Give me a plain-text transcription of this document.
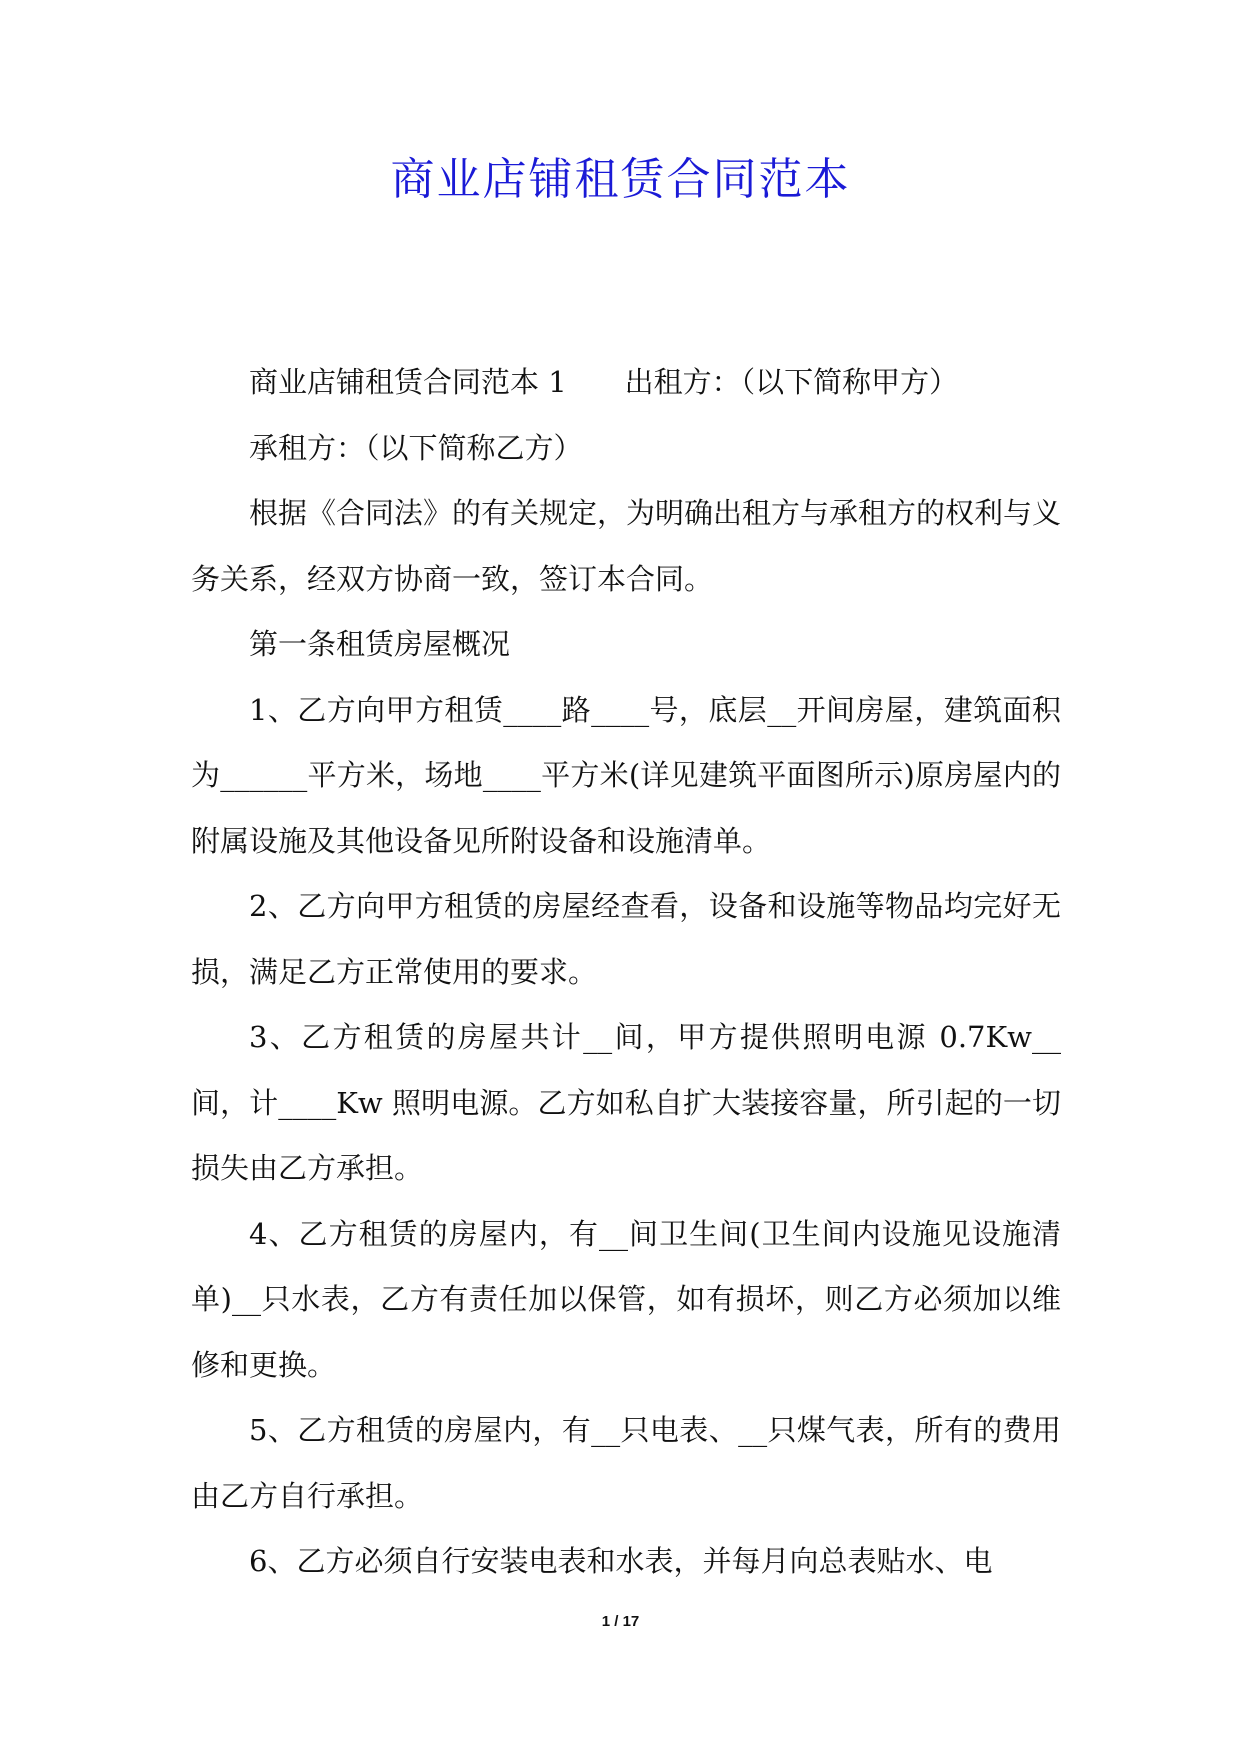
商业店铺租赁合同范本

商业店铺租赁合同范本 1　　出租方：（以下简称甲方）

承租方：（以下简称乙方）

根据《合同法》的有关规定，为明确出租方与承租方的权利与义务关系，经双方协商一致，签订本合同。

第一条租赁房屋概况

1、乙方向甲方租赁____路____号，底层__开间房屋，建筑面积为______平方米，场地____平方米(详见建筑平面图所示)原房屋内的附属设施及其他设备见所附设备和设施清单。

2、乙方向甲方租赁的房屋经查看，设备和设施等物品均完好无损，满足乙方正常使用的要求。

3、乙方租赁的房屋共计__间，甲方提供照明电源 0.7Kw__间，计____Kw 照明电源。乙方如私自扩大装接容量，所引起的一切损失由乙方承担。

4、乙方租赁的房屋内，有__间卫生间(卫生间内设施见设施清单)__只水表，乙方有责任加以保管，如有损坏，则乙方必须加以维修和更换。

5、乙方租赁的房屋内，有__只电表、__只煤气表，所有的费用由乙方自行承担。

6、乙方必须自行安装电表和水表，并每月向总表贴水、电

1 / 17
